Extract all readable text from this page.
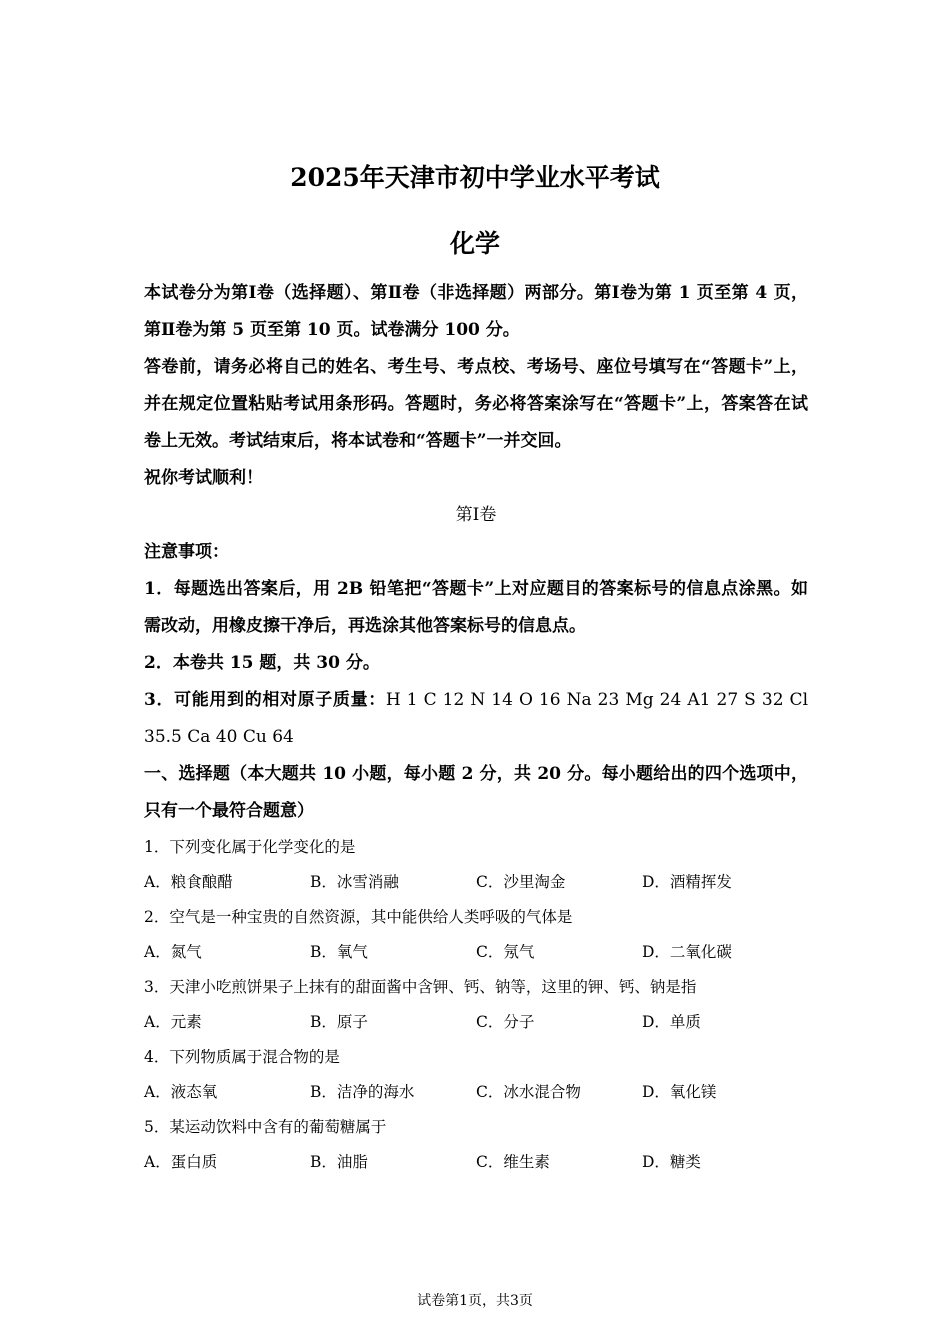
2025年天津市初中学业水平考试
化学

本试卷分为第Ⅰ卷（选择题）、第Ⅱ卷（非选择题）两部分。第Ⅰ卷为第 1 页至第 4 页，第Ⅱ卷为第 5 页至第 10 页。试卷满分 100 分。

答卷前，请务必将自己的姓名、考生号、考点校、考场号、座位号填写在“答题卡”上，并在规定位置粘贴考试用条形码。答题时，务必将答案涂写在“答题卡”上，答案答在试卷上无效。考试结束后，将本试卷和“答题卡”一并交回。

祝你考试顺利！

第Ⅰ卷

注意事项：

1．每题选出答案后，用 2B 铅笔把“答题卡”上对应题目的答案标号的信息点涂黑。如需改动，用橡皮擦干净后，再选涂其他答案标号的信息点。

2．本卷共 15 题，共 30 分。

3．可能用到的相对原子质量：H 1 C 12 N 14 O 16 Na 23 Mg 24 A1 27 S 32 Cl 35.5 Ca 40 Cu 64

一、选择题（本大题共 10 小题，每小题 2 分，共 20 分。每小题给出的四个选项中，只有一个最符合题意）

1．下列变化属于化学变化的是

A．粮食酿醋	B．冰雪消融	C．沙里淘金	D．酒精挥发

2．空气是一种宝贵的自然资源，其中能供给人类呼吸的气体是

A．氮气	B．氧气	C．氖气	D．二氧化碳

3．天津小吃煎饼果子上抹有的甜面酱中含钾、钙、钠等，这里的钾、钙、钠是指

A．元素	B．原子	C．分子	D．单质

4．下列物质属于混合物的是

A．液态氧	B．洁净的海水	C．冰水混合物	D．氧化镁

5．某运动饮料中含有的葡萄糖属于

A．蛋白质	B．油脂	C．维生素	D．糖类
试卷第1页，共3页
